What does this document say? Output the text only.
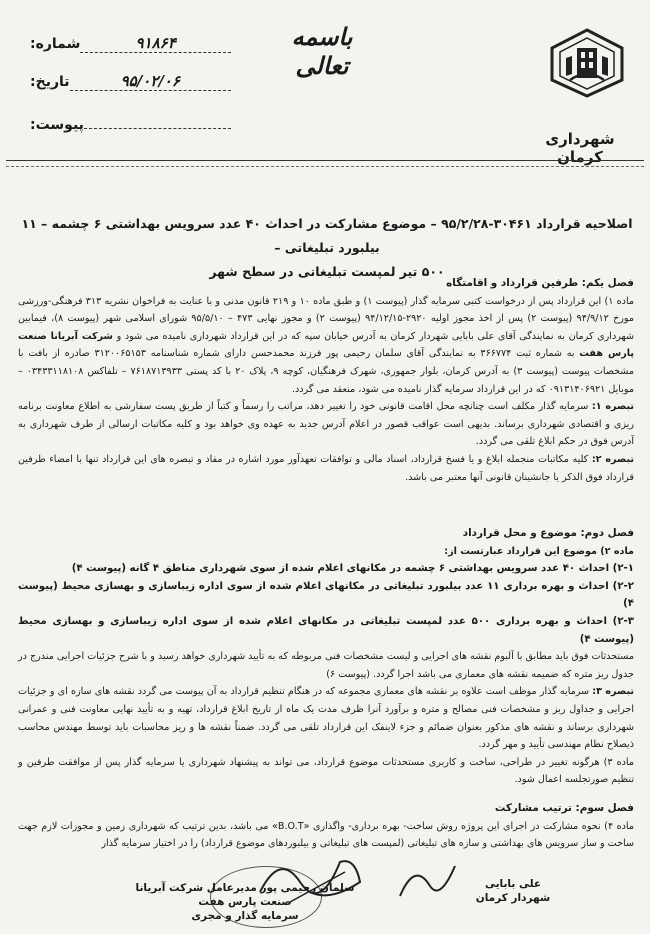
شهرداری کرمان
باسمه تعالی
شماره:	۹۱۸۶۴
تاریخ:	۹۵/۰۲/۰۶
پیوست:
اصلاحیه قرارداد ۳۰۴۶۱-۹۵/۲/۲۸ – موضوع مشارکت در احداث ۴۰ عدد سرویس بهداشتی ۶ چشمه – ۱۱ بیلبورد تبلیغاتی –
۵۰۰ تیر لمپست تبلیغاتی در سطح شهر

فصل یکم: طرفین قرارداد و اقامتگاه

ماده ۱) این قرارداد پس از درخواست کتبی سرمایه گذار (پیوست ۱) و طبق ماده ۱۰ و ۲۱۹ قانون مدنی و با عنایت به فراخوان نشریه ۳۱۳ فرهنگی-ورزشی مورخ ۹۴/۹/۱۲ (پیوست ۲) پس از اخذ مجوز اولیه ۲۹۲۰-۹۴/۱۲/۱۵ (پیوست ۲) و مجوز نهایی ۴۷۳ – ۹۵/۵/۱۰ شورای اسلامی شهر (پیوست ۸)، فیمابین شهرداری کرمان به نمایندگی آقای علی بابایی شهردار کرمان به آدرس خیابان سپه که در این قرارداد شهرداری نامیده می شود و شرکت آبریانا صنعت پارس هفت به شماره ثبت ۳۶۶۷۷۴ به نمایندگی آقای سلمان رحیمی پور فرزند محمدحسن دارای شماره شناسنامه ۳۱۲۰۰۶۵۱۵۳ صادره از بافت با مشخصات پیوست (پیوست ۳) به آدرس کرمان، بلوار جمهوری، شهرک فرهنگیان، کوچه ۹، پلاک ۲۰ با کد پستی ۷۶۱۸۷۱۳۹۳۳ – تلفاکس ۰۳۴۳۳۱۱۸۱۰۸ – موبایل ۰۹۱۳۱۴۰۶۹۲۱ که در این قرارداد سرمایه گذار نامیده می شود، منعقد می گردد.

تبصره ۱: سرمایه گذار مکلف است چنانچه محل اقامت قانونی خود را تغییر دهد، مراتب را رسماً و کتباً از طریق پست سفارشی به اطلاع معاونت برنامه ریزی و اقتصادی شهرداری برساند. بدیهی است عواقب قصور در اعلام آدرس جدید به عهده وی خواهد بود و کلیه مکاتبات ارسالی از طرف شهرداری به آدرس فوق در حکم ابلاغ تلقی می گردد.

تبصره ۲: کلیه مکاتبات منجمله ابلاغ و یا فسخ قرارداد، اسناد مالی و توافقات تعهدآور مورد اشاره در مفاد و تبصره های این قرارداد تنها با امضاء طرفین قرارداد فوق الذکر یا جانشینان قانونی آنها معتبر می باشد.

فصل دوم: موضوع و محل قرارداد

ماده ۲) موضوع این قرارداد عبارتست از:

۲-۱) احداث ۴۰ عدد سرویس بهداشتی ۶ چشمه در مکانهای اعلام شده از سوی شهرداری مناطق ۴ گانه (پیوست ۴)

۲-۲) احداث و بهره برداری ۱۱ عدد بیلبورد تبلیغاتی در مکانهای اعلام شده از سوی اداره زیباسازی و بهسازی محیط (پیوست ۴)

۲-۳) احداث و بهره برداری ۵۰۰ عدد لمپست تبلیغاتی در مکانهای اعلام شده از سوی اداره زیباسازی و بهسازی محیط (پیوست ۴)

مستحدثات فوق باید مطابق با آلبوم نقشه های اجرایی و لیست مشخصات فنی مربوطه که به تأیید شهرداری خواهد رسید و با شرح جزئیات اجرایی مندرج در جدول ریز متره که ضمیمه نقشه های معماری می باشد اجرا گردد. (پیوست ۶)

تبصره ۳: سرمایه گذار موظف است علاوه بر نقشه های معماری مجموعه که در هنگام تنظیم قرارداد به آن پیوست می گردد نقشه های سازه ای و جزئیات اجرایی و جداول ریز و مشخصات فنی مصالح و متره و برآورد آنرا ظرف مدت یک ماه از تاریخ ابلاغ قرارداد، تهیه و به تأیید نهایی معاونت فنی و عمرانی شهرداری برساند و نقشه های مذکور بعنوان ضمائم و جزء لاینفک این قرارداد تلقی می گردد. ضمناً نقشه ها و ریز محاسبات باید توسط مهندس محاسب ذیصلاح نظام مهندسی تأیید و مهر گردد.

ماده ۳) هرگونه تغییر در طراحی، ساخت و کاربری مستحدثات موضوع قرارداد، می تواند به پیشنهاد شهرداری یا سرمایه گذار پس از موافقت طرفین و تنظیم صورتجلسه اعمال شود.

فصل سوم: ترتیب مشارکت

ماده ۴) نحوه مشارکت در اجرای این پروژه روش ساخت- بهره برداری- واگذاری «B.O.T» می باشد، بدین ترتیب که شهرداری زمین و مجوزات لازم جهت ساخت و ساز سرویس های بهداشتی و سازه های تبلیغاتی (لمپست های تبلیغاتی و بیلبوردهای موضوع قرارداد) را در اختیار سرمایه گذار

سلمان رحیمی پور مدیرعامل شرکت آبریانا صنعت پارس هفت
سرمایه گذار و مجری
علی بابایی
شهردار کرمان
